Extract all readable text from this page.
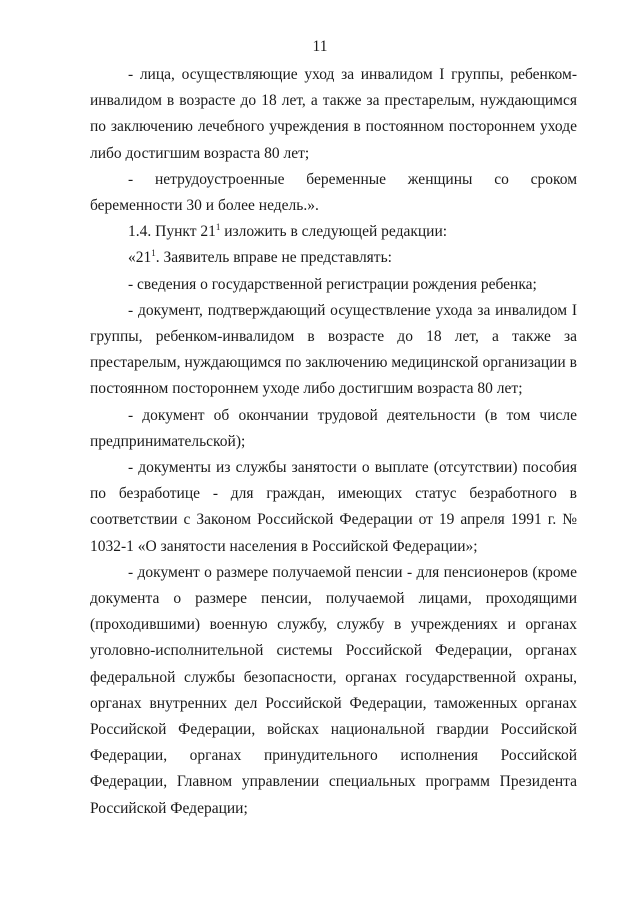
11

- лица, осуществляющие уход за инвалидом I группы, ребенком-инвалидом в возрасте до 18 лет, а также за престарелым, нуждающимся по заключению лечебного учреждения в постоянном постороннем уходе либо достигшим возраста 80 лет;

- нетрудоустроенные беременные женщины со сроком беременности 30 и более недель.».

1.4. Пункт $21^1$ изложить в следующей редакции:

«$21^1$. Заявитель вправе не представлять:

- сведения о государственной регистрации рождения ребенка;

- документ, подтверждающий осуществление ухода за инвалидом I группы, ребенком-инвалидом в возрасте до 18 лет, а также за престарелым, нуждающимся по заключению медицинской организации в постоянном постороннем уходе либо достигшим возраста 80 лет;

- документ об окончании трудовой деятельности (в том числе предпринимательской);

- документы из службы занятости о выплате (отсутствии) пособия по безработице - для граждан, имеющих статус безработного в соответствии с Законом Российской Федерации от 19 апреля 1991 г. № 1032-1 «О занятости населения в Российской Федерации»;

- документ о размере получаемой пенсии - для пенсионеров (кроме документа о размере пенсии, получаемой лицами, проходящими (проходившими) военную службу, службу в учреждениях и органах уголовно-исполнительной системы Российской Федерации, органах федеральной службы безопасности, органах государственной охраны, органах внутренних дел Российской Федерации, таможенных органах Российской Федерации, войсках национальной гвардии Российской Федерации, органах принудительного исполнения Российской Федерации, Главном управлении специальных программ Президента Российской Федерации;
